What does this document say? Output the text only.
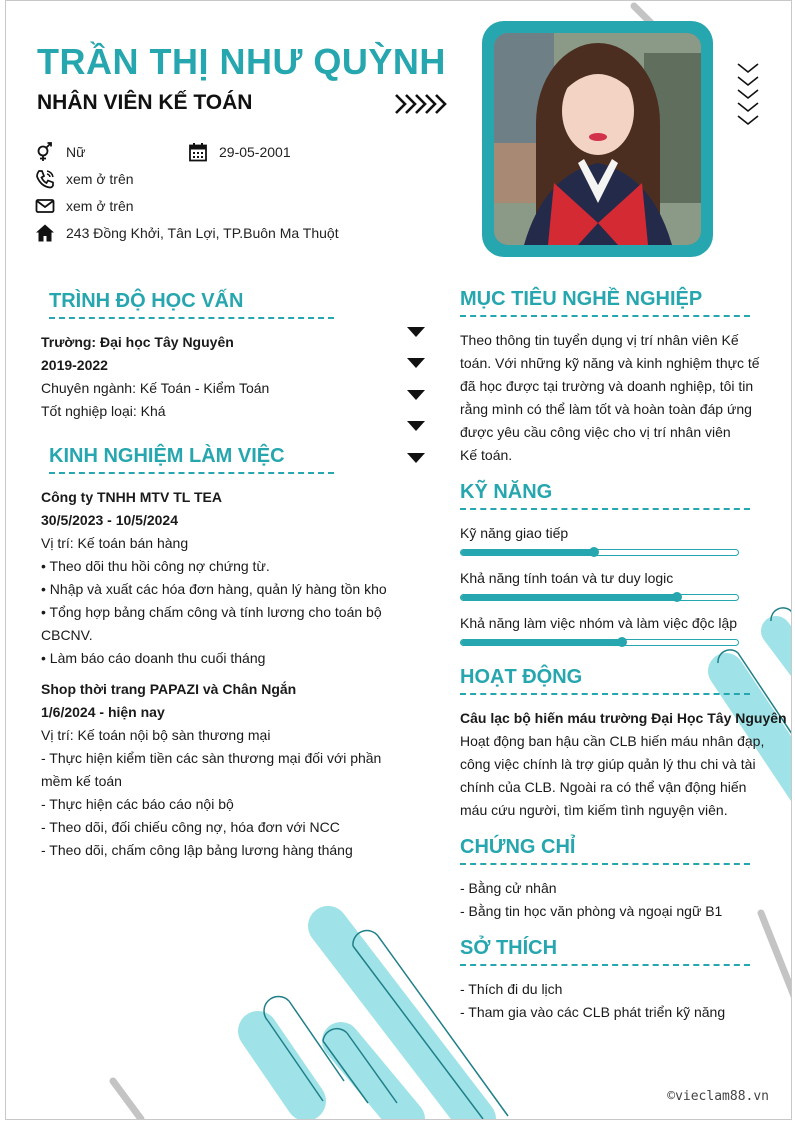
TRẦN THỊ NHƯ QUỲNH
NHÂN VIÊN KẾ TOÁN
Nữ	29-05-2001
xem ở trên
xem ở trên
243 Đồng Khởi, Tân Lợi, TP.Buôn Ma Thuột
TRÌNH ĐỘ HỌC VẤN
Trường: Đại học Tây Nguyên
2019-2022
Chuyên ngành: Kế Toán - Kiểm Toán
Tốt nghiệp loại: Khá
KINH NGHIỆM LÀM VIỆC
Công ty TNHH MTV TL TEA
30/5/2023 - 10/5/2024
Vị trí: Kế toán bán hàng
• Theo dõi thu hồi công nợ chứng từ.
• Nhập và xuất các hóa đơn hàng, quản lý hàng tồn kho
• Tổng hợp bảng chấm công và tính lương cho toán bộ
CBCNV.
• Làm báo cáo doanh thu cuối tháng
Shop thời trang PAPAZI và Chân Ngắn
1/6/2024 - hiện nay
Vị trí: Kế toán nội bộ sàn thương mại
- Thực hiện kiểm tiền các sàn thương mại đối với phần
mềm kế toán
- Thực hiện các báo cáo nội bộ
- Theo dõi, đối chiếu công nợ, hóa đơn với NCC
- Theo dõi, chấm công lập bảng lương hàng tháng
MỤC TIÊU NGHỀ NGHIỆP
Theo thông tin tuyển dụng vị trí nhân viên Kế
toán. Với những kỹ năng và kinh nghiệm thực tế
đã học được tại trường và doanh nghiệp, tôi tin
rằng mình có thể làm tốt và hoàn toàn đáp ứng
được yêu cầu công việc cho vị trí nhân viên
Kế toán.
KỸ NĂNG
Kỹ năng giao tiếp
Khả năng tính toán và tư duy logic
Khả năng làm việc nhóm và làm việc độc lập
HOẠT ĐỘNG
Câu lạc bộ hiến máu trường Đại Học Tây Nguyên
Hoạt động ban hậu cần CLB hiến máu nhân đạp,
công việc chính là trợ giúp quản lý thu chi và tài
chính của CLB. Ngoài ra có thể vận động hiến
máu cứu người, tìm kiếm tình nguyện viên.
CHỨNG CHỈ
- Bằng cử nhân
- Bằng tin học văn phòng và ngoại ngữ B1
SỞ THÍCH
- Thích đi du lịch
- Tham gia vào các CLB phát triển kỹ năng
©vieclam88.vn
